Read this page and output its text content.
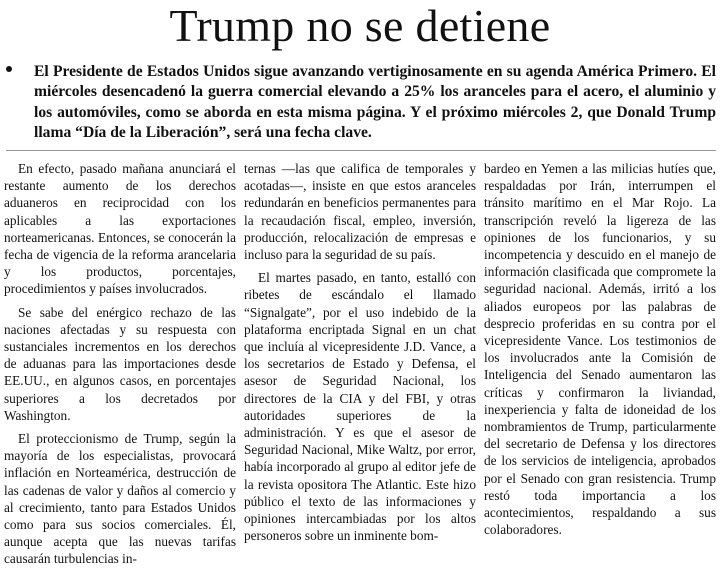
Trump no se detiene

El Presidente de Estados Unidos sigue avanzando vertiginosamente en su agenda América Primero. El miércoles desencadenó la guerra comercial elevando a 25% los aranceles para el acero, el aluminio y los automóviles, como se aborda en esta misma página. Y el próximo miércoles 2, que Donald Trump llama “Día de la Liberación”, será una fecha clave.

En efecto, pasado mañana anunciará el restante aumento de los derechos aduaneros en reciprocidad con los aplicables a las exportaciones norteamericanas. Entonces, se conocerán la fecha de vigencia de la reforma arancelaria y los productos, porcentajes, procedimientos y países involucrados.

Se sabe del enérgico rechazo de las naciones afectadas y su respuesta con sustanciales incrementos en los derechos de aduanas para las importaciones desde EE.UU., en algunos casos, en porcentajes superiores a los decretados por Washington.

El proteccionismo de Trump, según la mayoría de los especialistas, provocará inflación en Norteamérica, destrucción de las cadenas de valor y daños al comercio y al crecimiento, tanto para Estados Unidos como para sus socios comerciales. Él, aunque acepta que las nuevas tarifas causarán turbulencias in-

ternas —las que califica de temporales y acotadas—, insiste en que estos aranceles redundarán en beneficios permanentes para la recaudación fiscal, empleo, inversión, producción, relocalización de empresas e incluso para la seguridad de su país.

El martes pasado, en tanto, estalló con ribetes de escándalo el llamado “Signalgate”, por el uso indebido de la plataforma encriptada Signal en un chat que incluía al vicepresidente J.D. Vance, a los secretarios de Estado y Defensa, el asesor de Seguridad Nacional, los directores de la CIA y del FBI, y otras autoridades superiores de la administración. Y es que el asesor de Seguridad Nacional, Mike Waltz, por error, había incorporado al grupo al editor jefe de la revista opositora The Atlantic. Este hizo público el texto de las informaciones y opiniones intercambiadas por los altos personeros sobre un inminente bom-

bardeo en Yemen a las milicias hutíes que, respaldadas por Irán, interrumpen el tránsito marítimo en el Mar Rojo. La transcripción reveló la ligereza de las opiniones de los funcionarios, y su incompetencia y descuido en el manejo de información clasificada que compromete la seguridad nacional. Además, irritó a los aliados europeos por las palabras de desprecio proferidas en su contra por el vicepresidente Vance. Los testimonios de los involucrados ante la Comisión de Inteligencia del Senado aumentaron las críticas y confirmaron la liviandad, inexperiencia y falta de idoneidad de los nombramientos de Trump, particularmente del secretario de Defensa y los directores de los servicios de inteligencia, aprobados por el Senado con gran resistencia. Trump restó toda importancia a los acontecimientos, respaldando a sus colaboradores.
